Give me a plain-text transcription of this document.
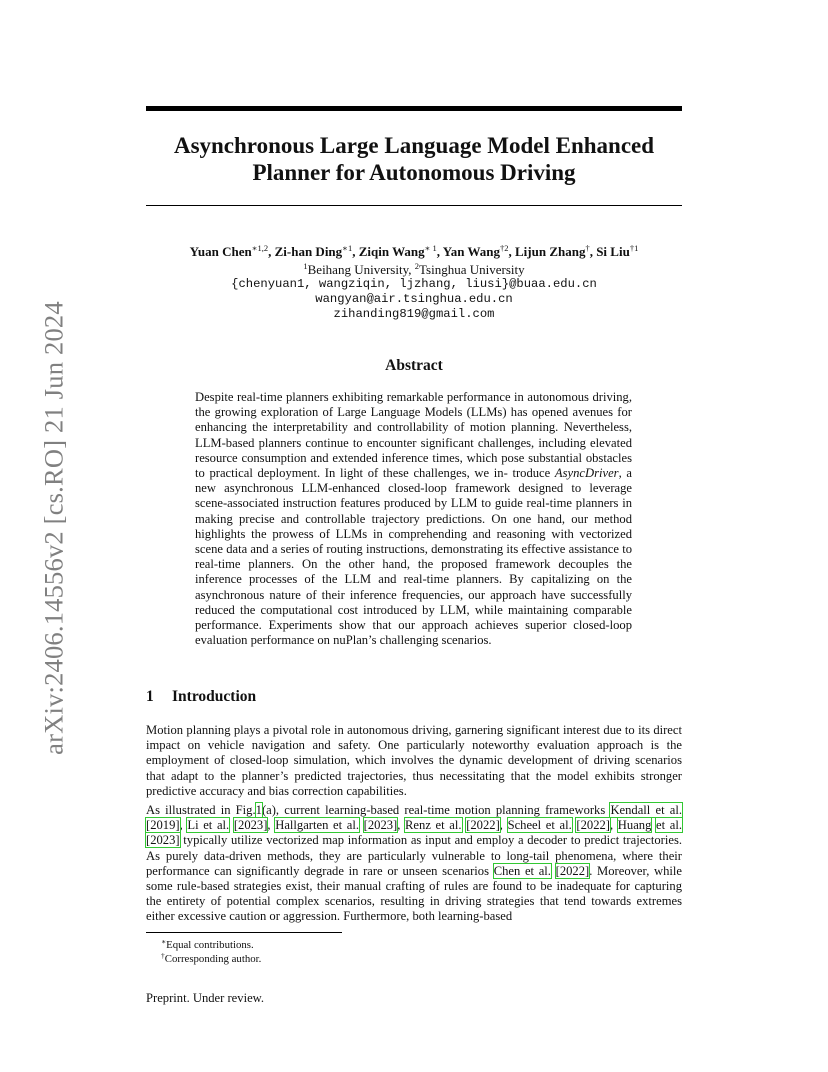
arXiv:2406.14556v2 [cs.RO] 21 Jun 2024
Asynchronous Large Language Model Enhanced
Planner for Autonomous Driving
Yuan Chen$^{∗1,2}$, Zi-han Ding$^{∗1}$, Ziqin Wang$^{∗ 1}$, Yan Wang$^{\dagger 2}$, Lijun Zhang†, Si Liu$^{\dagger 1}$
$^1$Beihang University, $^2$Tsinghua University
{chenyuan1, wangziqin, ljzhang, liusi}@buaa.edu.cn
wangyan@air.tsinghua.edu.cn
zihanding819@gmail.com
Abstract
Despite real-time planners exhibiting remarkable performance in autonomous driving, the growing exploration of Large Language Models (LLMs) has opened avenues for enhancing the interpretability and controllability of motion planning. Nevertheless, LLM-based planners continue to encounter significant challenges, including elevated resource consumption and extended inference times, which pose substantial obstacles to practical deployment. In light of these challenges, we in- troduce AsyncDriver, a new asynchronous LLM-enhanced closed-loop framework designed to leverage scene-associated instruction features produced by LLM to guide real-time planners in making precise and controllable trajectory predictions. On one hand, our method highlights the prowess of LLMs in comprehending and reasoning with vectorized scene data and a series of routing instructions, demonstrating its effective assistance to real-time planners. On the other hand, the proposed framework decouples the inference processes of the LLM and real-time planners. By capitalizing on the asynchronous nature of their inference frequencies, our approach have successfully reduced the computational cost introduced by LLM, while maintaining comparable performance. Experiments show that our approach achieves superior closed-loop evaluation performance on nuPlan’s challenging scenarios.
1 Introduction
Motion planning plays a pivotal role in autonomous driving, garnering significant interest due to its direct impact on vehicle navigation and safety. One particularly noteworthy evaluation approach is the employment of closed-loop simulation, which involves the dynamic development of driving scenarios that adapt to the planner’s predicted trajectories, thus necessitating that the model exhibits stronger predictive accuracy and bias correction capabilities.
As illustrated in Fig.1(a), current learning-based real-time motion planning frameworks Kendall et al. [2019], Li et al. [2023], Hallgarten et al. [2023], Renz et al. [2022], Scheel et al. [2022], Huang et al. [2023] typically utilize vectorized map information as input and employ a decoder to predict trajectories. As purely data-driven methods, they are particularly vulnerable to long-tail phenomena, where their performance can significantly degrade in rare or unseen scenarios Chen et al. [2022]. Moreover, while some rule-based strategies exist, their manual crafting of rules are found to be inadequate for capturing the entirety of potential complex scenarios, resulting in driving strategies that tend towards extremes either excessive caution or aggression. Furthermore, both learning-based
∗Equal contributions.
†Corresponding author.
Preprint. Under review.
